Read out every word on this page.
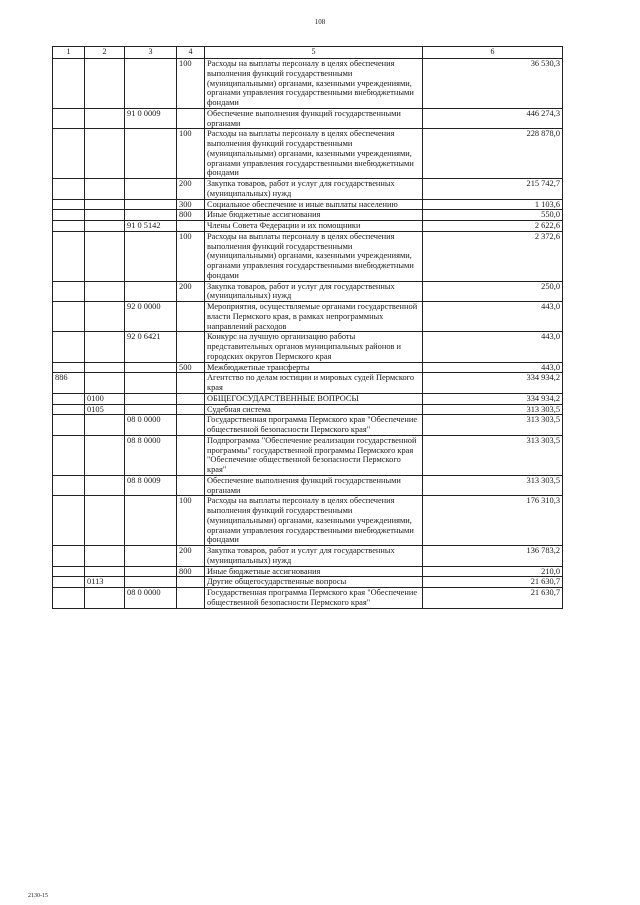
108
1	2	3	4	5	6
			100	Расходы на выплаты персоналу в целях обеспечения выполнения функций государственными (муниципальными) органами, казенными учреждениями, органами управления государственными внебюджетными фондами	36 530,3
		91 0 0009		Обеспечение выполнения функций государственными органами	446 274,3
			100	Расходы на выплаты персоналу в целях обеспечения выполнения функций государственными (муниципальными) органами, казенными учреждениями, органами управления государственными внебюджетными фондами	228 878,0
			200	Закупка товаров, работ и услуг для государственных (муниципальных) нужд	215 742,7
			300	Социальное обеспечение и иные выплаты населению	1 103,6
			800	Иные бюджетные ассигнования	550,0
		91 0 5142		Члены Совета Федерации и их помощники	2 622,6
			100	Расходы на выплаты персоналу в целях обеспечения выполнения функций государственными (муниципальными) органами, казенными учреждениями, органами управления государственными внебюджетными фондами	2 372,6
			200	Закупка товаров, работ и услуг для государственных (муниципальных) нужд	250,0
		92 0 0000		Мероприятия, осуществляемые органами государственной власти Пермского края, в рамках непрограммных направлений расходов	443,0
		92 0 6421		Конкурс на лучшую организацию работы представительных органов муниципальных районов и городских округов Пермского края	443,0
			500	Межбюджетные трансферты	443,0
886				Агентство по делам юстиции и мировых судей Пермского края	334 934,2
	0100			ОБЩЕГОСУДАРСТВЕННЫЕ ВОПРОСЫ	334 934,2
	0105			Судебная система	313 303,5
		08 0 0000		Государственная программа Пермского края "Обеспечение общественной безопасности Пермского края"	313 303,5
		08 8 0000		Подпрограмма "Обеспечение реализации государственной программы" государственной программы Пермского края "Обеспечение общественной безопасности Пермского края"	313 303,5
		08 8 0009		Обеспечение выполнения функций государственными органами	313 303,5
			100	Расходы на выплаты персоналу в целях обеспечения выполнения функций государственными (муниципальными) органами, казенными учреждениями, органами управления государственными внебюджетными фондами	176 310,3
			200	Закупка товаров, работ и услуг для государственных (муниципальных) нужд	136 783,2
			800	Иные бюджетные ассигнования	210,0
	0113			Другие общегосударственные вопросы	21 630,7
		08 0 0000		Государственная программа Пермского края "Обеспечение общественной безопасности Пермского края"	21 630,7
2130-15
